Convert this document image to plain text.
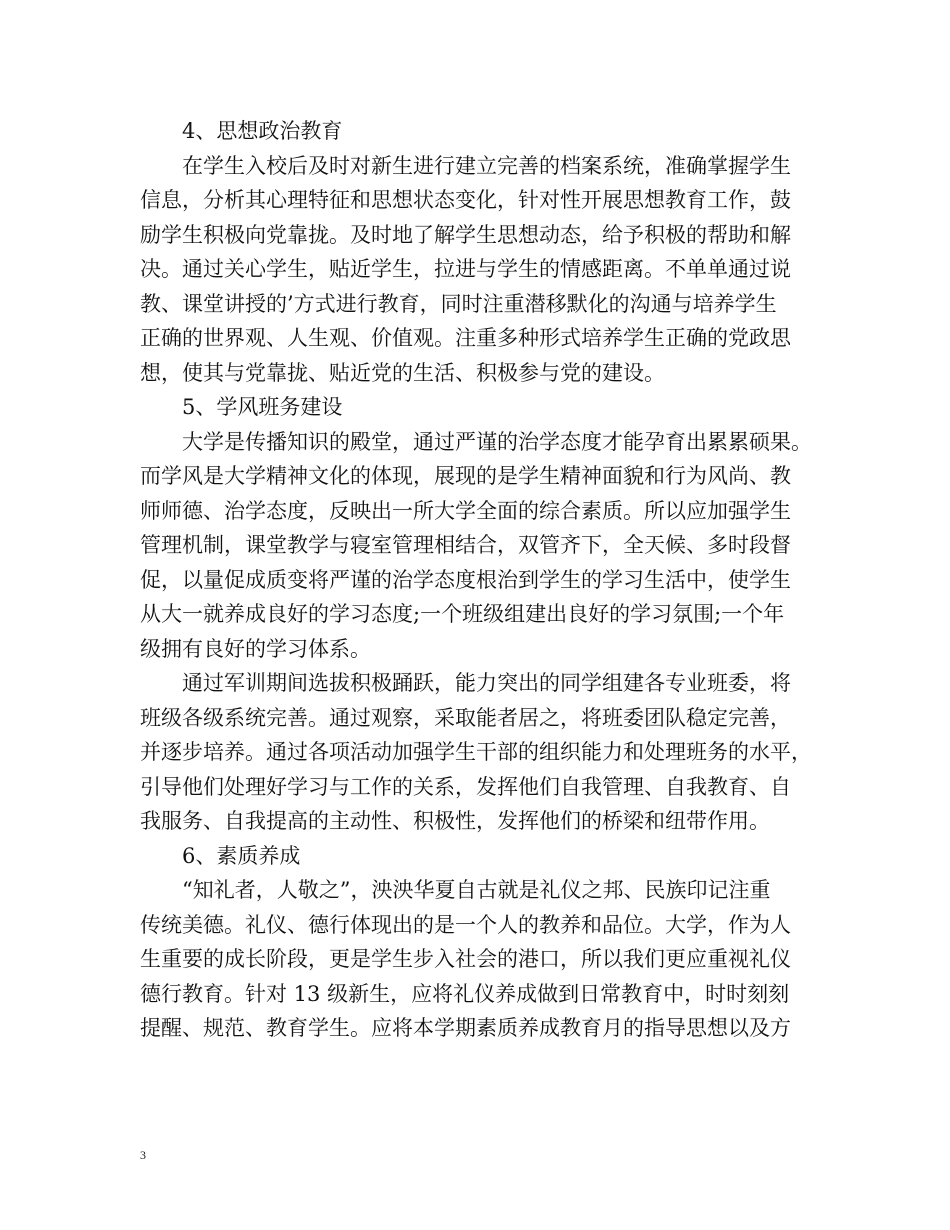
4、思想政治教育
在学生入校后及时对新生进行建立完善的档案系统，准确掌握学生
信息，分析其心理特征和思想状态变化，针对性开展思想教育工作，鼓
励学生积极向党靠拢。及时地了解学生思想动态，给予积极的帮助和解
决。通过关心学生，贴近学生，拉进与学生的情感距离。不单单通过说
教、课堂讲授的’方式进行教育，同时注重潜移默化的沟通与培养学生
正确的世界观、人生观、价值观。注重多种形式培养学生正确的党政思
想，使其与党靠拢、贴近党的生活、积极参与党的建设。
5、学风班务建设
大学是传播知识的殿堂，通过严谨的治学态度才能孕育出累累硕果。
而学风是大学精神文化的体现，展现的是学生精神面貌和行为风尚、教
师师德、治学态度，反映出一所大学全面的综合素质。所以应加强学生
管理机制，课堂教学与寝室管理相结合，双管齐下，全天候、多时段督
促，以量促成质变将严谨的治学态度根治到学生的学习生活中，使学生
从大一就养成良好的学习态度;一个班级组建出良好的学习氛围;一个年
级拥有良好的学习体系。
通过军训期间选拔积极踊跃，能力突出的同学组建各专业班委，将
班级各级系统完善。通过观察，采取能者居之，将班委团队稳定完善，
并逐步培养。通过各项活动加强学生干部的组织能力和处理班务的水平，
引导他们处理好学习与工作的关系，发挥他们自我管理、自我教育、自
我服务、自我提高的主动性、积极性，发挥他们的桥梁和纽带作用。
6、素质养成
“知礼者，人敬之”，泱泱华夏自古就是礼仪之邦、民族印记注重
传统美德。礼仪、德行体现出的是一个人的教养和品位。大学，作为人
生重要的成长阶段，更是学生步入社会的港口，所以我们更应重视礼仪
德行教育。针对 13 级新生，应将礼仪养成做到日常教育中，时时刻刻
提醒、规范、教育学生。应将本学期素质养成教育月的指导思想以及方
3
